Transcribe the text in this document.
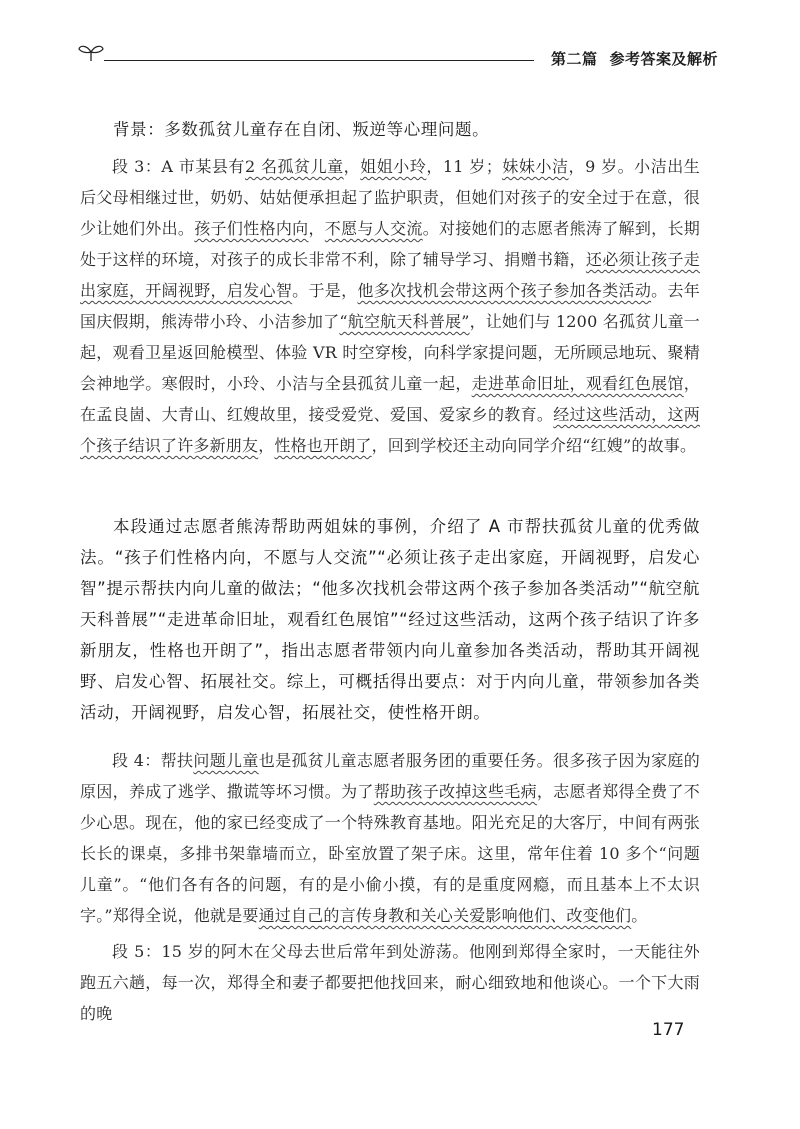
第二篇 参考答案及解析

背景：多数孤贫儿童存在自闭、叛逆等心理问题。

段 3：A 市某县有2 名孤贫儿童，姐姐小玲，11 岁；妹妹小洁，9 岁。小洁出生后父母相继过世，奶奶、姑姑便承担起了监护职责，但她们对孩子的安全过于在意，很少让她们外出。孩子们性格内向，不愿与人交流。对接她们的志愿者熊涛了解到，长期处于这样的环境，对孩子的成长非常不利，除了辅导学习、捐赠书籍，还必须让孩子走出家庭，开阔视野，启发心智。于是，他多次找机会带这两个孩子参加各类活动。去年国庆假期，熊涛带小玲、小洁参加了“航空航天科普展”，让她们与 1200 名孤贫儿童一起，观看卫星返回舱模型、体验 VR 时空穿梭，向科学家提问题，无所顾忌地玩、聚精会神地学。寒假时，小玲、小洁与全县孤贫儿童一起，走进革命旧址，观看红色展馆，在孟良崮、大青山、红嫂故里，接受爱党、爱国、爱家乡的教育。经过这些活动，这两个孩子结识了许多新朋友，性格也开朗了，回到学校还主动向同学介绍“红嫂”的故事。

本段通过志愿者熊涛帮助两姐妹的事例，介绍了 A 市帮扶孤贫儿童的优秀做法。“孩子们性格内向，不愿与人交流”“必须让孩子走出家庭，开阔视野，启发心智”提示帮扶内向儿童的做法；“他多次找机会带这两个孩子参加各类活动”“航空航天科普展”“走进革命旧址，观看红色展馆”“经过这些活动，这两个孩子结识了许多新朋友，性格也开朗了”，指出志愿者带领内向儿童参加各类活动，帮助其开阔视野、启发心智、拓展社交。综上，可概括得出要点：对于内向儿童，带领参加各类活动，开阔视野，启发心智，拓展社交，使性格开朗。

段 4：帮扶问题儿童也是孤贫儿童志愿者服务团的重要任务。很多孩子因为家庭的原因，养成了逃学、撒谎等坏习惯。为了帮助孩子改掉这些毛病，志愿者郑得全费了不少心思。现在，他的家已经变成了一个特殊教育基地。阳光充足的大客厅，中间有两张长长的课桌，多排书架靠墙而立，卧室放置了架子床。这里，常年住着 10 多个“问题儿童”。“他们各有各的问题，有的是小偷小摸，有的是重度网瘾，而且基本上不太识字。”郑得全说，他就是要通过自己的言传身教和关心关爱影响他们、改变他们。

段 5：15 岁的阿木在父母去世后常年到处游荡。他刚到郑得全家时，一天能往外跑五六趟，每一次，郑得全和妻子都要把他找回来，耐心细致地和他谈心。一个下大雨的晚

177
